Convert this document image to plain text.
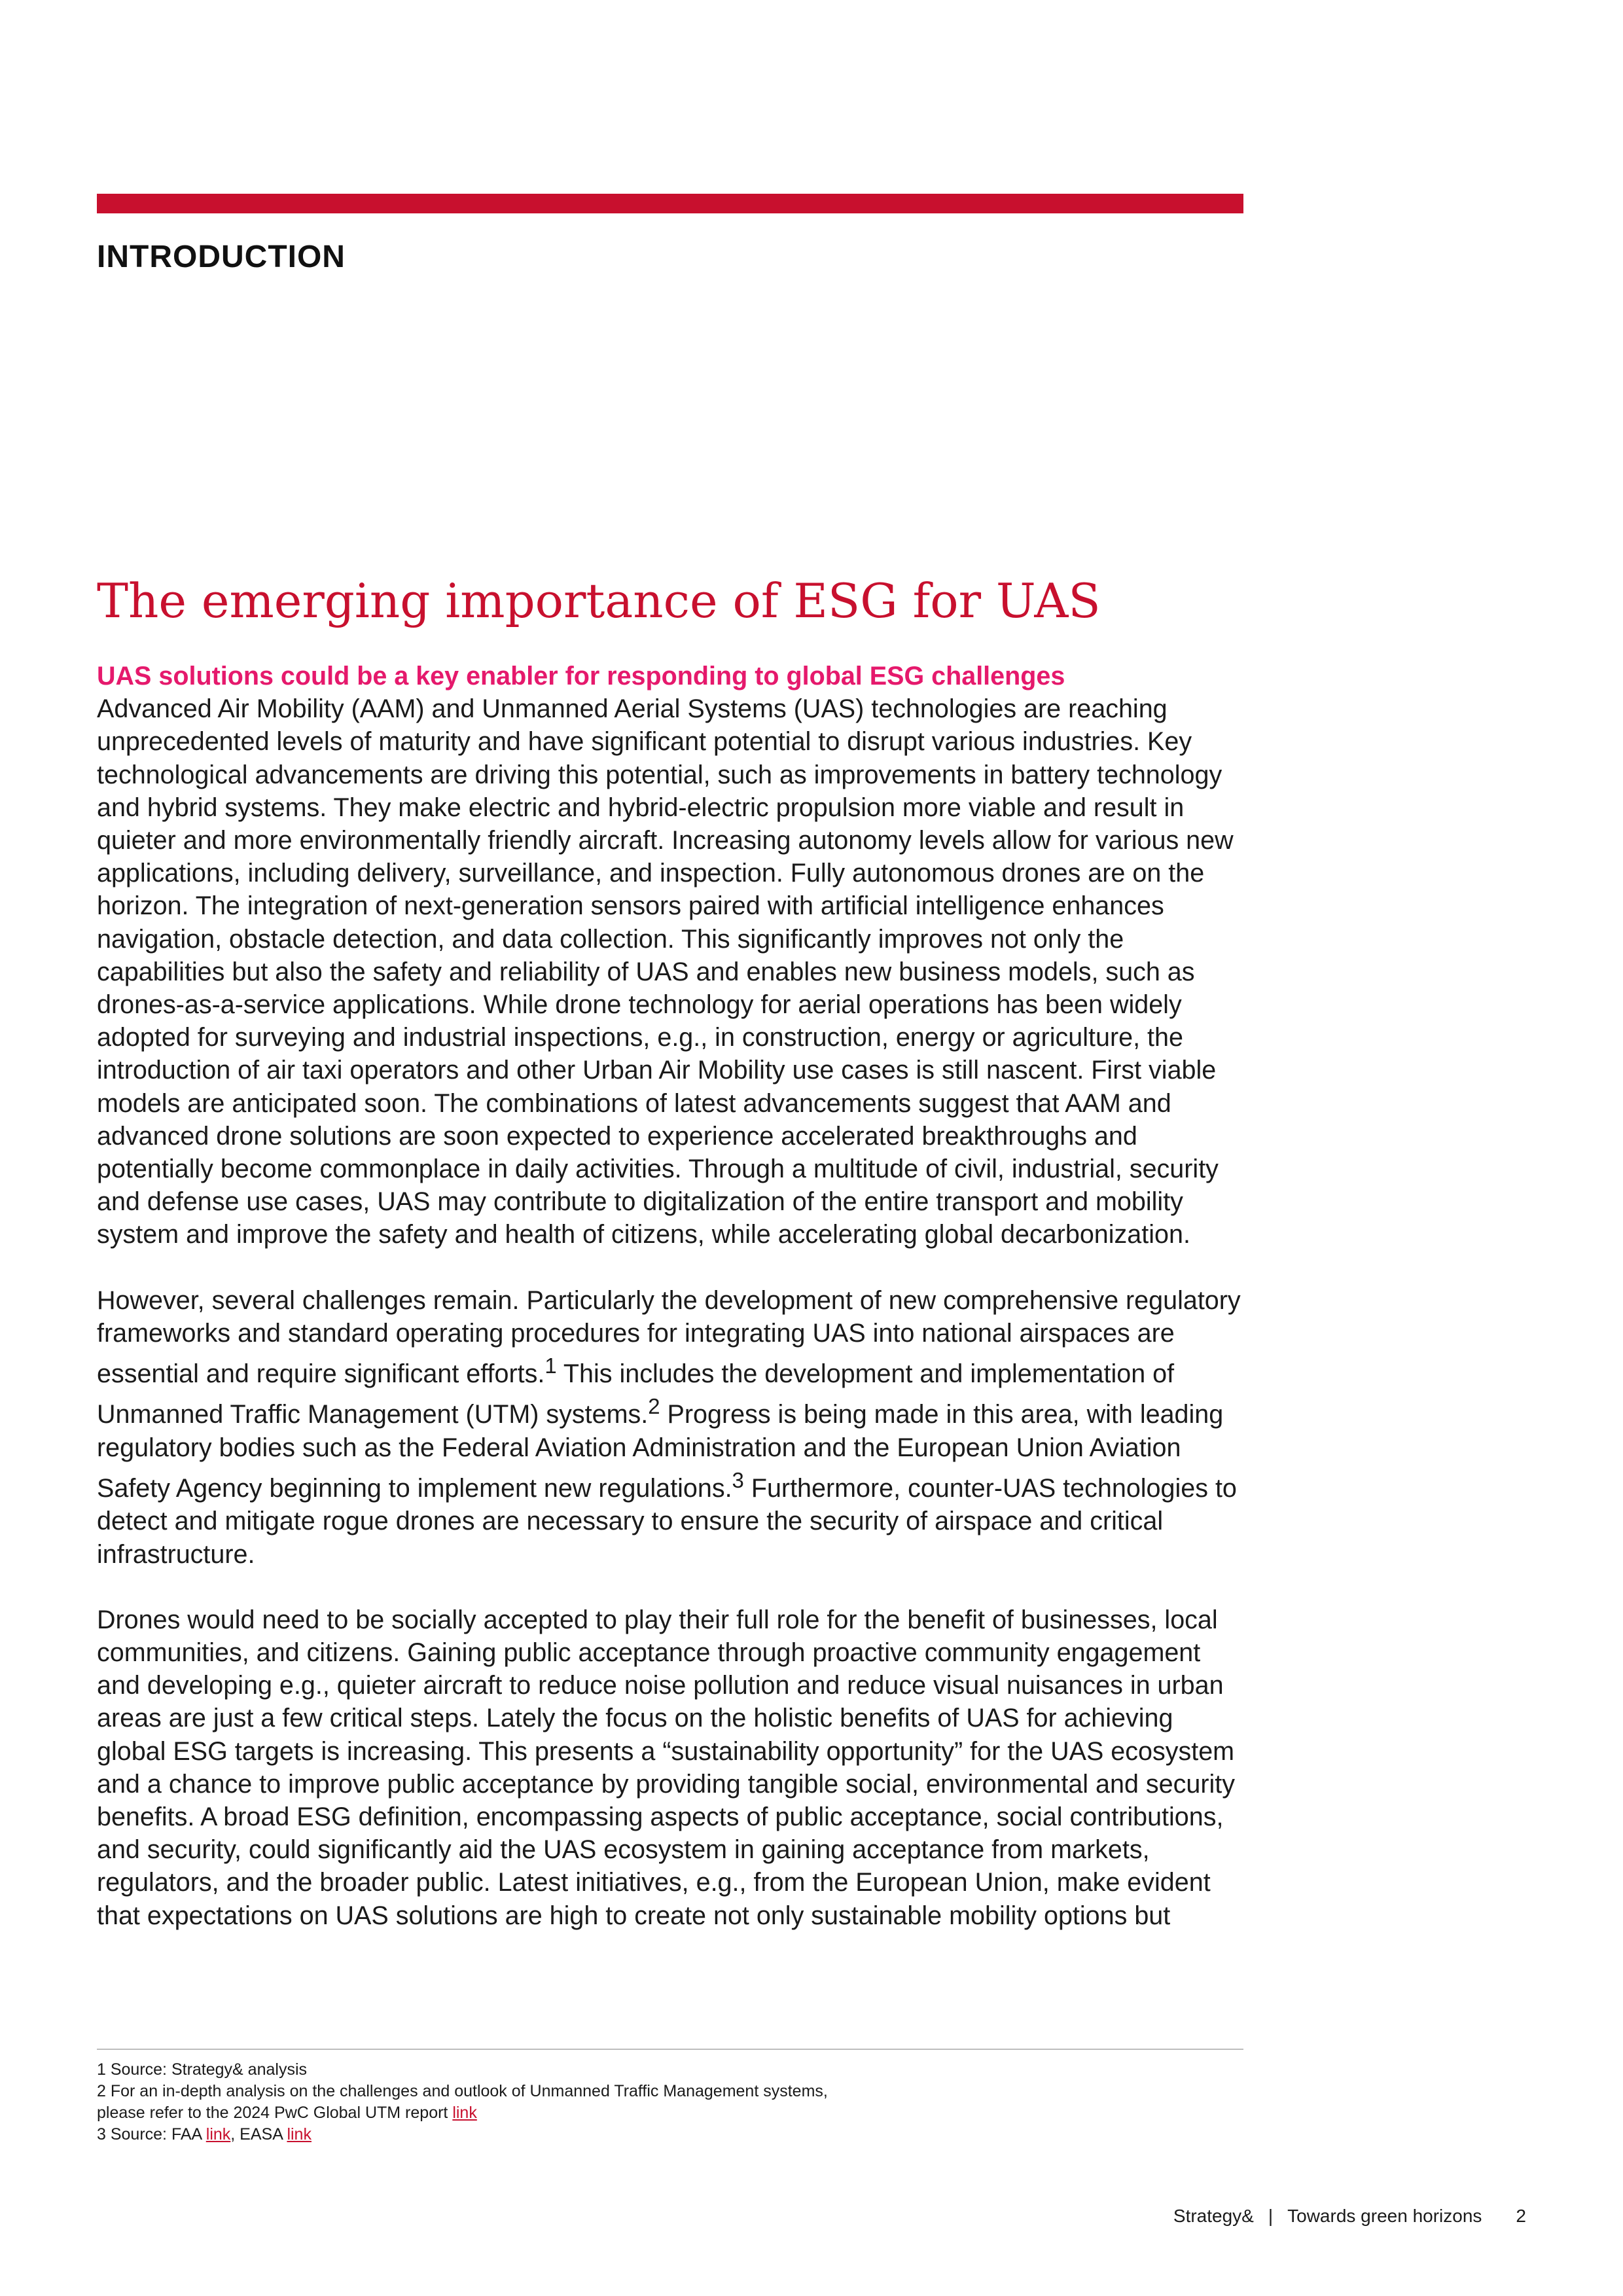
INTRODUCTION
The emerging importance of ESG for UAS

UAS solutions could be a key enabler for responding to global ESG challenges
Advanced Air Mobility (AAM) and Unmanned Aerial Systems (UAS) technologies are reaching unprecedented levels of maturity and have significant potential to disrupt various industries. Key technological advancements are driving this potential, such as improvements in battery technology and hybrid systems. They make electric and hybrid-electric propulsion more viable and result in quieter and more environmentally friendly aircraft. Increasing autonomy levels allow for various new applications, including delivery, surveillance, and inspection. Fully autonomous drones are on the horizon. The integration of next-generation sensors paired with artificial intelligence enhances navigation, obstacle detection, and data collection. This significantly improves not only the capabilities but also the safety and reliability of UAS and enables new business models, such as drones-as-a-service applications. While drone technology for aerial operations has been widely adopted for surveying and industrial inspections, e.g., in construction, energy or agriculture, the introduction of air taxi operators and other Urban Air Mobility use cases is still nascent. First viable models are anticipated soon. The combinations of latest advancements suggest that AAM and advanced drone solutions are soon expected to experience accelerated breakthroughs and potentially become commonplace in daily activities. Through a multitude of civil, industrial, security and defense use cases, UAS may contribute to digitalization of the entire transport and mobility system and improve the safety and health of citizens, while accelerating global decarbonization.

However, several challenges remain. Particularly the development of new comprehensive regulatory frameworks and standard operating procedures for integrating UAS into national airspaces are essential and require significant efforts.$^1$ This includes the development and implementation of Unmanned Traffic Management (UTM) systems.$^2$ Progress is being made in this area, with leading regulatory bodies such as the Federal Aviation Administration and the European Union Aviation Safety Agency beginning to implement new regulations.$^3$ Furthermore, counter-UAS technologies to detect and mitigate rogue drones are necessary to ensure the security of airspace and critical infrastructure.

Drones would need to be socially accepted to play their full role for the benefit of businesses, local communities, and citizens. Gaining public acceptance through proactive community engagement and developing e.g., quieter aircraft to reduce noise pollution and reduce visual nuisances in urban areas are just a few critical steps. Lately the focus on the holistic benefits of UAS for achieving global ESG targets is increasing. This presents a “sustainability opportunity” for the UAS ecosystem and a chance to improve public acceptance by providing tangible social, environmental and security benefits. A broad ESG definition, encompassing aspects of public acceptance, social contributions, and security, could significantly aid the UAS ecosystem in gaining acceptance from markets, regulators, and the broader public. Latest initiatives, e.g., from the European Union, make evident that expectations on UAS solutions are high to create not only sustainable mobility options but

1 Source: Strategy& analysis
2 For an in-depth analysis on the challenges and outlook of Unmanned Traffic Management systems,
please refer to the 2024 PwC Global UTM report link
3 Source: FAA link, EASA link
Strategy& | Towards green horizons 2
